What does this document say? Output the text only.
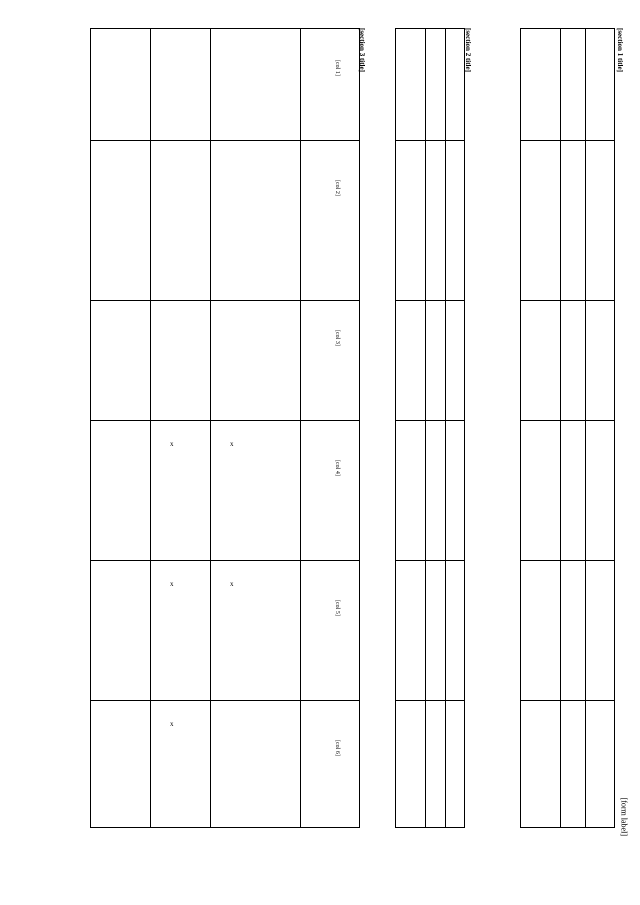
[form label]
[section 1 title]
[section 2 title]
[section 3 title]
[col 1]
[col 2]
[col 3]
[col 4]
[col 5]
[col 6]
x	x
x	x
x
